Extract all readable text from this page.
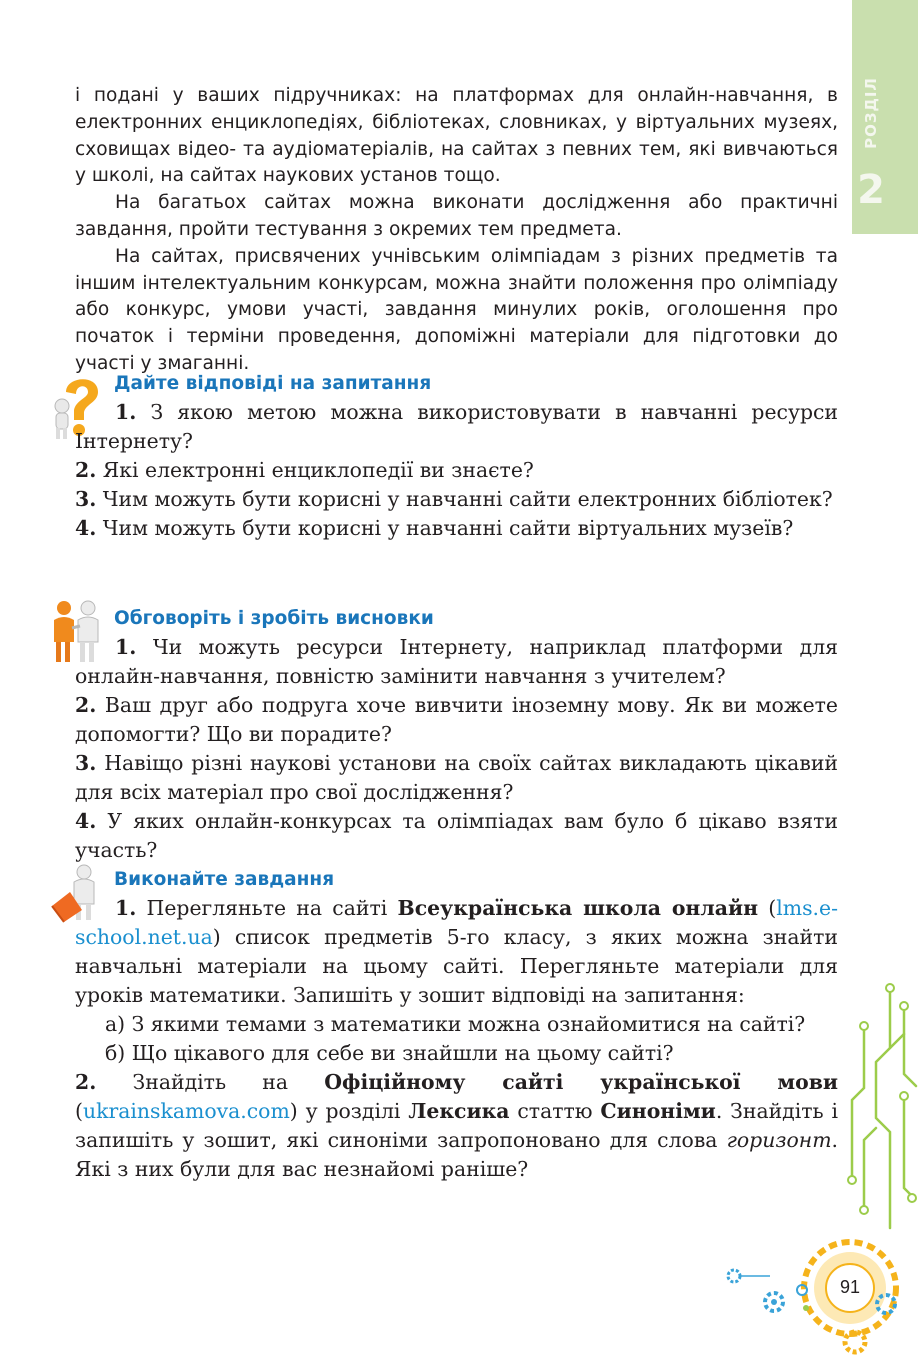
РОЗДІЛ
2

і подані у ваших підручниках: на платформах для онлайн-навчання, в електронних енциклопедіях, бібліотеках, словниках, у віртуальних музеях, сховищах відео- та аудіоматеріалів, на сайтах з певних тем, які вивчаються у школі, на сайтах наукових установ тощо.

На багатьох сайтах можна виконати дослідження або практичні завдання, пройти тестування з окремих тем предмета.

На сайтах, присвячених учнівським олімпіадам з різних предметів та іншим інтелектуальним конкурсам, можна знайти положення про олімпіаду або конкурс, умови участі, завдання минулих років, оголошення про початок і терміни проведення, допоміжні матеріали для підготовки до участі у змаганні.

Дайте відповіді на запитання

1. З якою метою можна використовувати в навчанні ресурси Інтернету?

2. Які електронні енциклопедії ви знаєте?

3. Чим можуть бути корисні у навчанні сайти електронних бібліотек?

4. Чим можуть бути корисні у навчанні сайти віртуальних музеїв?

Обговоріть і зробіть висновки

1. Чи можуть ресурси Інтернету, наприклад платформи для онлайн-навчання, повністю замінити навчання з учителем?

2. Ваш друг або подруга хоче вивчити іноземну мову. Як ви можете допомогти? Що ви порадите?

3. Навіщо різні наукові установи на своїх сайтах викладають цікавий для всіх матеріал про свої дослідження?

4. У яких онлайн-конкурсах та олімпіадах вам було б цікаво взяти участь?

Виконайте завдання

1. Перегляньте на сайті Всеукраїнська школа онлайн (lms.e-school.net.ua) список предметів 5-го класу, з яких можна знайти навчальні матеріали на цьому сайті. Перегляньте матеріали для уроків математики. Запишіть у зошит відповіді на запитання:

а) З якими темами з математики можна ознайомитися на сайті?

б) Що цікавого для себе ви знайшли на цьому сайті?

2. Знайдіть на Офіційному сайті української мови (ukrainskamova.com) у розділі Лексика статтю Синоніми. Знайдіть і запишіть у зошит, які синоніми запропоновано для слова горизонт. Які з них були для вас незнайомі раніше?

91
